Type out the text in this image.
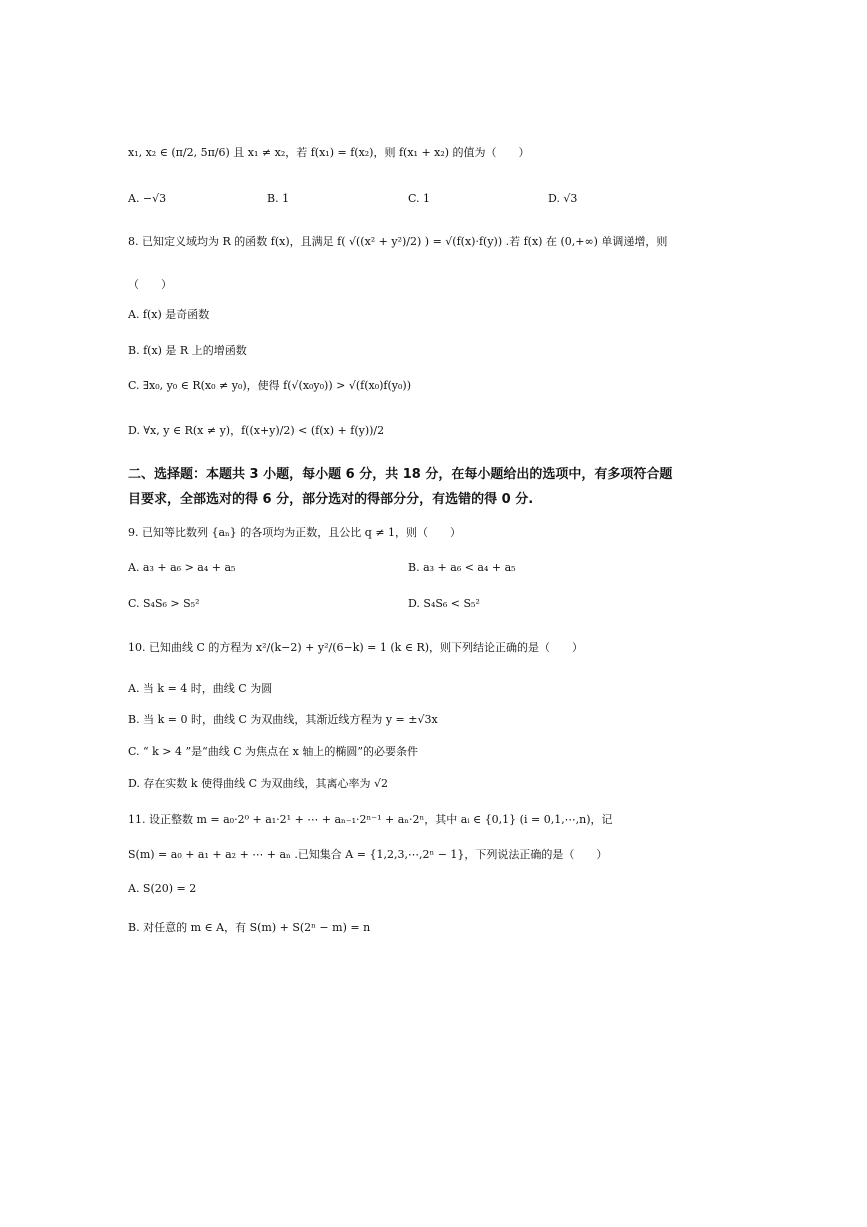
x₁, x₂ ∈ (π/2, 5π/6) 且 x₁ ≠ x₂，若 f(x₁) = f(x₂)，则 f(x₁ + x₂) 的值为（　　）
A. −√3	B. 1	C. 1	D. √3
8. 已知定义域均为 R 的函数 f(x)，且满足 f( √((x² + y²)/2) ) = √(f(x)·f(y)) .若 f(x) 在 (0,+∞) 单调递增，则
（　　）
A. f(x) 是奇函数
B. f(x) 是 R 上的增函数
C. ∃x₀, y₀ ∈ R(x₀ ≠ y₀)，使得 f(√(x₀y₀)) > √(f(x₀)f(y₀))
D. ∀x, y ∈ R(x ≠ y)，f((x+y)/2) < (f(x) + f(y))/2
二、选择题：本题共 3 小题，每小题 6 分，共 18 分，在每小题给出的选项中，有多项符合题
目要求，全部选对的得 6 分，部分选对的得部分分，有选错的得 0 分.
9. 已知等比数列 {aₙ} 的各项均为正数，且公比 q ≠ 1，则（　　）
A. a₃ + a₆ > a₄ + a₅	B. a₃ + a₆ < a₄ + a₅
C. S₄S₆ > S₅²	D. S₄S₆ < S₅²
10. 已知曲线 C 的方程为 x²/(k−2) + y²/(6−k) = 1 (k ∈ R)，则下列结论正确的是（　　）
A. 当 k = 4 时，曲线 C 为圆
B. 当 k = 0 时，曲线 C 为双曲线，其渐近线方程为 y = ±√3x
C. “ k > 4 ”是“曲线 C 为焦点在 x 轴上的椭圆”的必要条件
D. 存在实数 k 使得曲线 C 为双曲线，其离心率为 √2
11. 设正整数 m = a₀·2⁰ + a₁·2¹ + ⋯ + aₙ₋₁·2ⁿ⁻¹ + aₙ·2ⁿ，其中 aᵢ ∈ {0,1} (i = 0,1,⋯,n)，记
S(m) = a₀ + a₁ + a₂ + ⋯ + aₙ .已知集合 A = {1,2,3,⋯,2ⁿ − 1}，下列说法正确的是（　　）
A. S(20) = 2
B. 对任意的 m ∈ A，有 S(m) + S(2ⁿ − m) = n
